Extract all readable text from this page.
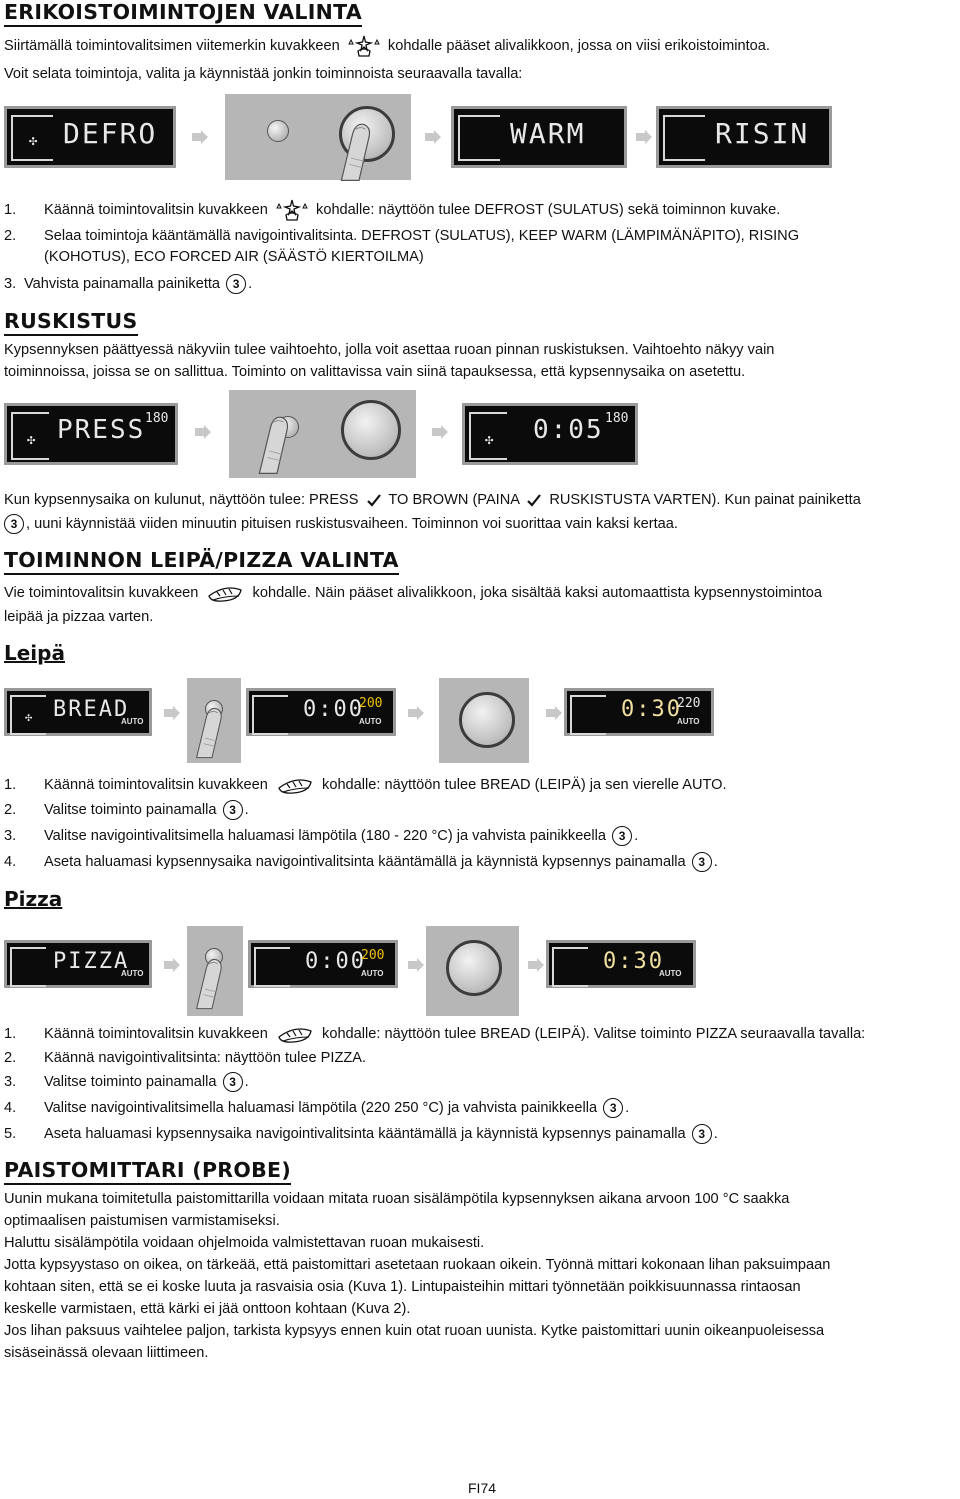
ERIKOISTOIMINTOJEN VALINTA

Siirtämällä toimintovalitsimen viitemerkin kuvakkeen	kohdalle pääset alivalikkoon, jossa on viisi erikoistoimintoa.

Voit selata toimintoja, valita ja käynnistää jonkin toiminnoista seuraavalla tavalla:

✣ DEFRO	WARM	RISIN

1. Käännä toimintovalitsin kuvakkeen	kohdalle: näyttöön tulee DEFROST (SULATUS) sekä toiminnon kuvake.

2. Selaa toimintoja kääntämällä navigointivalitsinta. DEFROST (SULATUS), KEEP WARM (LÄMPIMÄNÄPITO), RISING

(KOHOTUS), ECO FORCED AIR (SÄÄSTÖ KIERTOILMA)

3. Vahvista painamalla painiketta 3 .

RUSKISTUS

Kypsennyksen päättyessä näkyviin tulee vaihtoehto, jolla voit asettaa ruoan pinnan ruskistuksen. Vaihtoehto näkyy vain

toiminnoissa, joissa se on sallittua. Toiminto on valittavissa vain siinä tapauksessa, että kypsennysaika on asetettu.

✣ PRESS 180
✣ 0:05 180

Kun kypsennysaika on kulunut, näyttöön tulee: PRESS TO BROWN (PAINA RUSKISTUSTA VARTEN). Kun painat painiketta

3 , uuni käynnistää viiden minuutin pituisen ruskistusvaiheen. Toiminnon voi suorittaa vain kaksi kertaa.

TOIMINNON LEIPÄ/PIZZA VALINTA

Vie toimintovalitsin kuvakkeen	kohdalle. Näin pääset alivalikkoon, joka sisältää kaksi automaattista kypsennystoimintoa

leipää ja pizzaa varten.

Leipä
✣ BREAD
AUTO	0:00
200
AUTO	0:30
220
AUTO

1. Käännä toimintovalitsin kuvakkeen	kohdalle: näyttöön tulee BREAD (LEIPÄ) ja sen vierelle AUTO.

2. Valitse toiminto painamalla 3 .

3. Valitse navigointivalitsimella haluamasi lämpötila (180 - 220 °C) ja vahvista painikkeella 3 .

4. Aseta haluamasi kypsennysaika navigointivalitsinta kääntämällä ja käynnistä kypsennys painamalla 3 .

Pizza
PIZZA
AUTO	0:00
200
AUTO	0:30
AUTO

1. Käännä toimintovalitsin kuvakkeen	kohdalle: näyttöön tulee BREAD (LEIPÄ). Valitse toiminto PIZZA seuraavalla tavalla:

2. Käännä navigointivalitsinta: näyttöön tulee PIZZA.

3. Valitse toiminto painamalla 3 .

4. Valitse navigointivalitsimella haluamasi lämpötila (220 250 °C) ja vahvista painikkeella 3 .

5. Aseta haluamasi kypsennysaika navigointivalitsinta kääntämällä ja käynnistä kypsennys painamalla 3 .

PAISTOMITTARI (PROBE)

Uunin mukana toimitetulla paistomittarilla voidaan mitata ruoan sisälämpötila kypsennyksen aikana arvoon 100 °C saakka

optimaalisen paistumisen varmistamiseksi.

Haluttu sisälämpötila voidaan ohjelmoida valmistettavan ruoan mukaisesti.

Jotta kypsyystaso on oikea, on tärkeää, että paistomittari asetetaan ruokaan oikein. Työnnä mittari kokonaan lihan paksuimpaan

kohtaan siten, että se ei koske luuta ja rasvaisia osia (Kuva 1). Lintupaisteihin mittari työnnetään poikkisuunnassa rintaosan

keskelle varmistaen, että kärki ei jää onttoon kohtaan (Kuva 2).

Jos lihan paksuus vaihtelee paljon, tarkista kypsyys ennen kuin otat ruoan uunista. Kytke paistomittari uunin oikeanpuoleisessa

sisäseinässä olevaan liittimeen.

FI74
